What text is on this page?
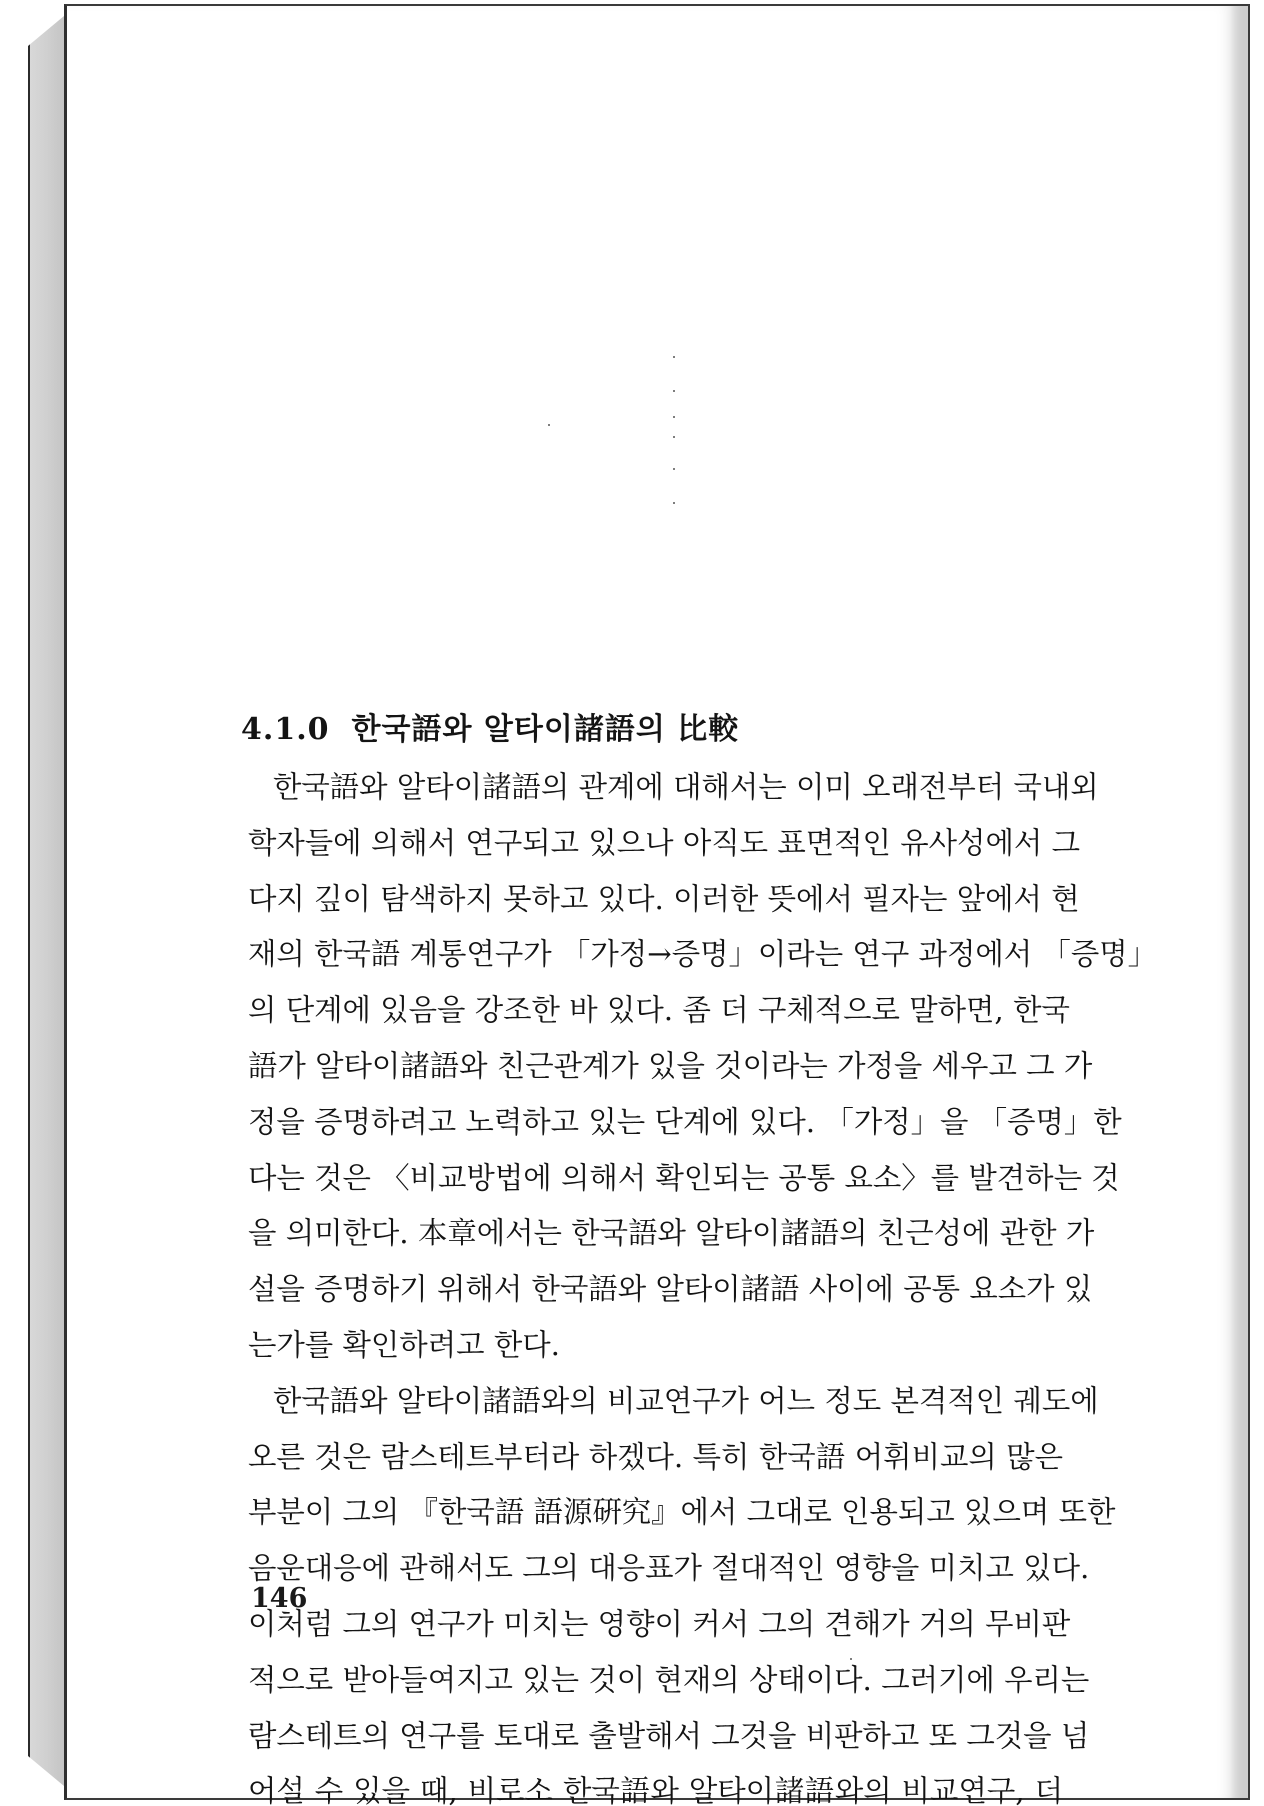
4.1.0 한국語와 알타이諸語의 比較
한국語와 알타이諸語의 관계에 대해서는 이미 오래전부터 국내외
학자들에 의해서 연구되고 있으나 아직도 표면적인 유사성에서 그
다지 깊이 탐색하지 못하고 있다. 이러한 뜻에서 필자는 앞에서 현
재의 한국語 계통연구가 「가정→증명」이라는 연구 과정에서 「증명」
의 단계에 있음을 강조한 바 있다. 좀 더 구체적으로 말하면, 한국
語가 알타이諸語와 친근관계가 있을 것이라는 가정을 세우고 그 가
정을 증명하려고 노력하고 있는 단계에 있다. 「가정」을 「증명」한
다는 것은 〈비교방법에 의해서 확인되는 공통 요소〉를 발견하는 것
을 의미한다. 本章에서는 한국語와 알타이諸語의 친근성에 관한 가
설을 증명하기 위해서 한국語와 알타이諸語 사이에 공통 요소가 있
는가를 확인하려고 한다.
한국語와 알타이諸語와의 비교연구가 어느 정도 본격적인 궤도에
오른 것은 람스테트부터라 하겠다. 특히 한국語 어휘비교의 많은
부분이 그의 『한국語 語源硏究』에서 그대로 인용되고 있으며 또한
음운대응에 관해서도 그의 대응표가 절대적인 영향을 미치고 있다.
이처럼 그의 연구가 미치는 영향이 커서 그의 견해가 거의 무비판
적으로 받아들여지고 있는 것이 현재의 상태이다. 그러기에 우리는
람스테트의 연구를 토대로 출발해서 그것을 비판하고 또 그것을 넘
어설 수 있을 때, 비로소 한국語와 알타이諸語와의 비교연구, 더
146
